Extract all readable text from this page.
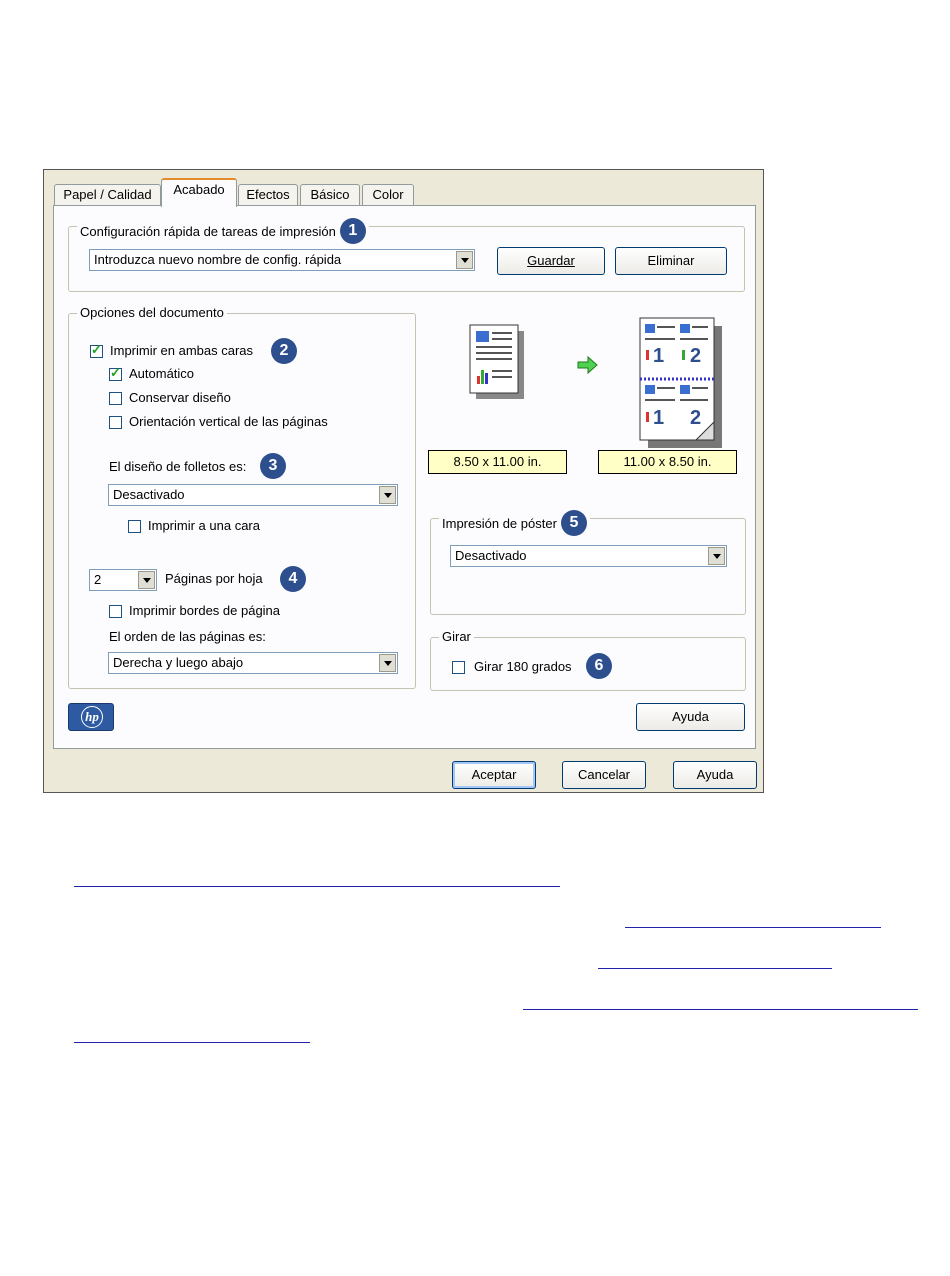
Papel / Calidad	Acabado	Efectos	Básico	Color
Configuración rápida de tareas de impresión 1
Introduzca nuevo nombre de config. rápida	Guardar	Eliminar
Opciones del documento
✓
Imprimir en ambas caras	2
✓
Automático
Conservar diseño
Orientación vertical de las páginas
El diseño de folletos es:	3
Desactivado
Imprimir a una cara
2	Páginas por hoja	4
Imprimir bordes de página
El orden de las páginas es:
Derecha y luego abajo
1 2
1 2
8.50 x 11.00 in.	11.00 x 8.50 in.
Impresión de póster 5
Desactivado
Girar
Girar 180 grados	6
hp	Ayuda
Aceptar	Cancelar	Ayuda
